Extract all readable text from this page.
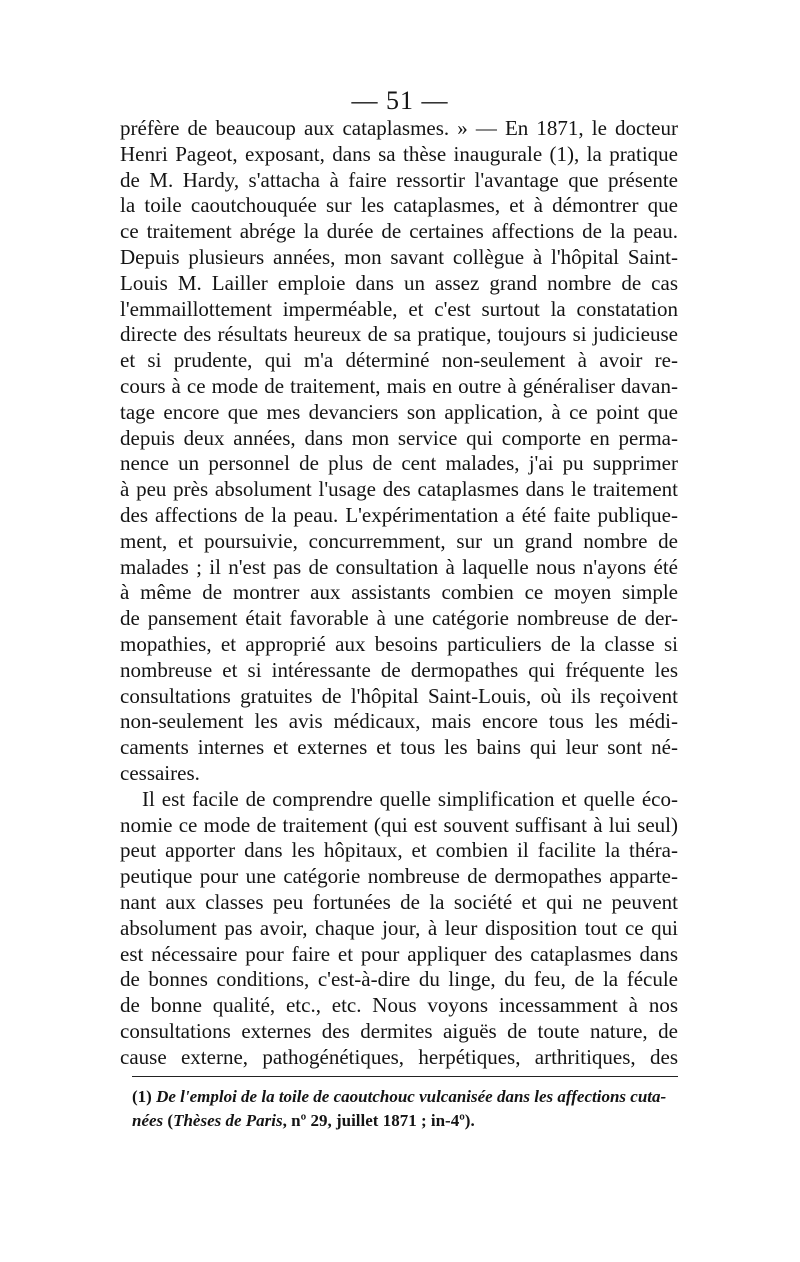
— 51 —
préfère de beaucoup aux cataplasmes. » — En 1871, le docteur
Henri Pageot, exposant, dans sa thèse inaugurale (1), la pratique
de M. Hardy, s'attacha à faire ressortir l'avantage que présente
la toile caoutchouquée sur les cataplasmes, et à démontrer que
ce traitement abrége la durée de certaines affections de la peau.
Depuis plusieurs années, mon savant collègue à l'hôpital Saint-
Louis M. Lailler emploie dans un assez grand nombre de cas
l'emmaillottement imperméable, et c'est surtout la constatation
directe des résultats heureux de sa pratique, toujours si judicieuse
et si prudente, qui m'a déterminé non-seulement à avoir re-
cours à ce mode de traitement, mais en outre à généraliser davan-
tage encore que mes devanciers son application, à ce point que
depuis deux années, dans mon service qui comporte en perma-
nence un personnel de plus de cent malades, j'ai pu supprimer
à peu près absolument l'usage des cataplasmes dans le traitement
des affections de la peau. L'expérimentation a été faite publique-
ment, et poursuivie, concurremment, sur un grand nombre de
malades ; il n'est pas de consultation à laquelle nous n'ayons été
à même de montrer aux assistants combien ce moyen simple
de pansement était favorable à une catégorie nombreuse de der-
mopathies, et approprié aux besoins particuliers de la classe si
nombreuse et si intéressante de dermopathes qui fréquente les
consultations gratuites de l'hôpital Saint-Louis, où ils reçoivent
non-seulement les avis médicaux, mais encore tous les médi-
caments internes et externes et tous les bains qui leur sont né-
cessaires.
Il est facile de comprendre quelle simplification et quelle éco-
nomie ce mode de traitement (qui est souvent suffisant à lui seul)
peut apporter dans les hôpitaux, et combien il facilite la théra-
peutique pour une catégorie nombreuse de dermopathes apparte-
nant aux classes peu fortunées de la société et qui ne peuvent
absolument pas avoir, chaque jour, à leur disposition tout ce qui
est nécessaire pour faire et pour appliquer des cataplasmes dans
de bonnes conditions, c'est-à-dire du linge, du feu, de la fécule
de bonne qualité, etc., etc. Nous voyons incessamment à nos
consultations externes des dermites aiguës de toute nature, de
cause externe, pathogénétiques, herpétiques, arthritiques, des
(1) De l'emploi de la toile de caoutchouc vulcanisée dans les affections cuta-
nées (Thèses de Paris, nº 29, juillet 1871 ; in-4º).
